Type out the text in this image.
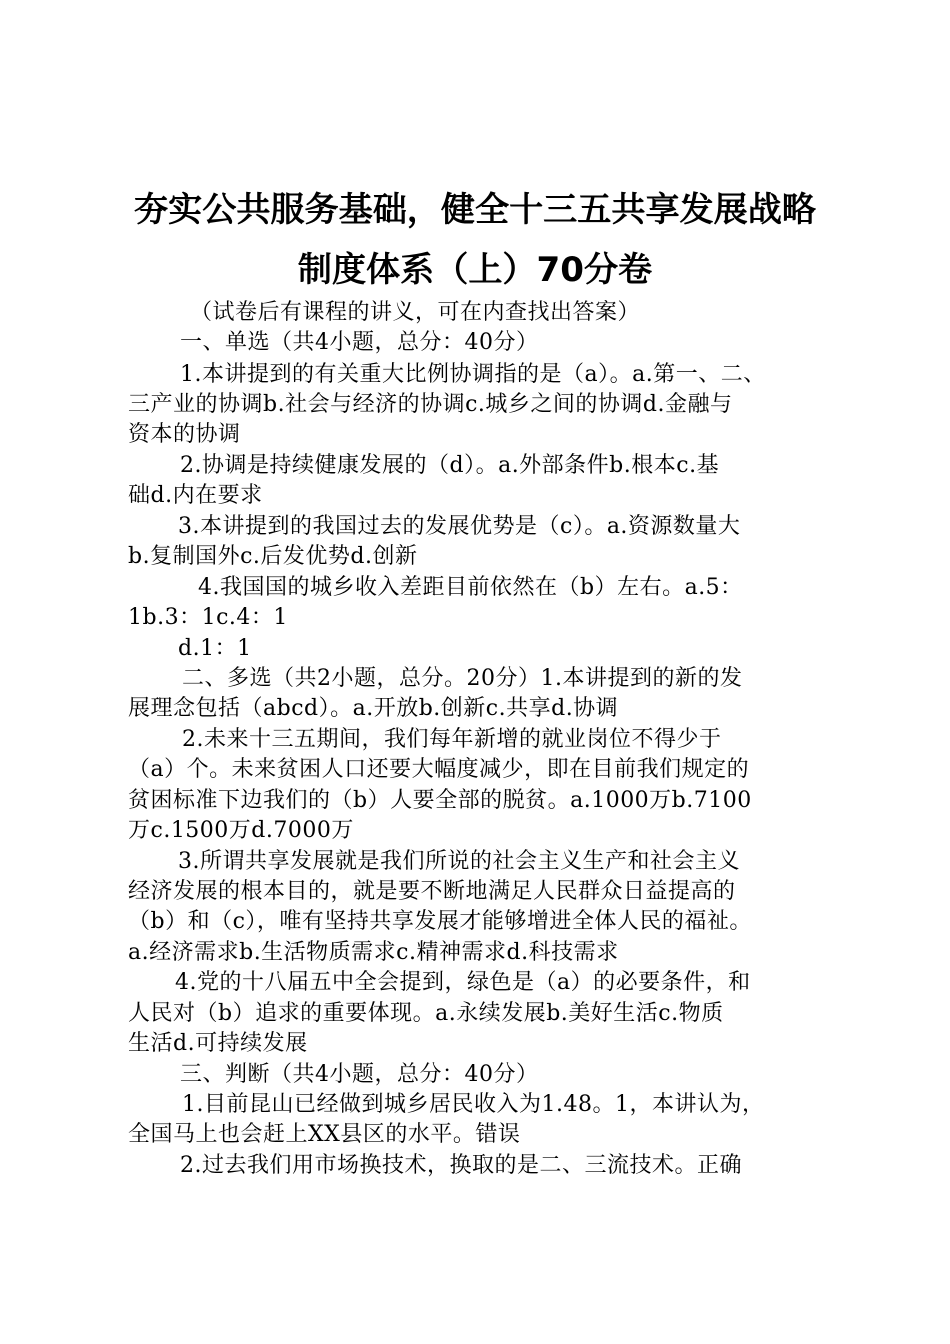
夯实公共服务基础，健全十三五共享发展战略
制度体系（上）70分卷
（试卷后有课程的讲义，可在内查找出答案）
一、单选（共4小题，总分：40分）
1.本讲提到的有关重大比例协调指的是（a）。a.第一、二、
三产业的协调b.社会与经济的协调c.城乡之间的协调d.金融与
资本的协调
2.协调是持续健康发展的（d）。a.外部条件b.根本c.基
础d.内在要求
3.本讲提到的我国过去的发展优势是（c）。a.资源数量大
b.复制国外c.后发优势d.创新
4.我国国的城乡收入差距目前依然在（b）左右。a.5：
1b.3：1c.4：1
d.1：1
二、多选（共2小题，总分。20分）1.本讲提到的新的发
展理念包括（abcd）。a.开放b.创新c.共享d.协调
2.未来十三五期间，我们每年新增的就业岗位不得少于
（a）个。未来贫困人口还要大幅度减少，即在目前我们规定的
贫困标准下边我们的（b）人要全部的脱贫。a.1000万b.7100
万c.1500万d.7000万
3.所谓共享发展就是我们所说的社会主义生产和社会主义
经济发展的根本目的，就是要不断地满足人民群众日益提高的
（b）和（c），唯有坚持共享发展才能够增进全体人民的福祉。
a.经济需求b.生活物质需求c.精神需求d.科技需求
4.党的十八届五中全会提到，绿色是（a）的必要条件，和
人民对（b）追求的重要体现。a.永续发展b.美好生活c.物质
生活d.可持续发展
三、判断（共4小题，总分：40分）
1.目前昆山已经做到城乡居民收入为1.48。1，本讲认为，
全国马上也会赶上XX县区的水平。错误
2.过去我们用市场换技术，换取的是二、三流技术。正确
